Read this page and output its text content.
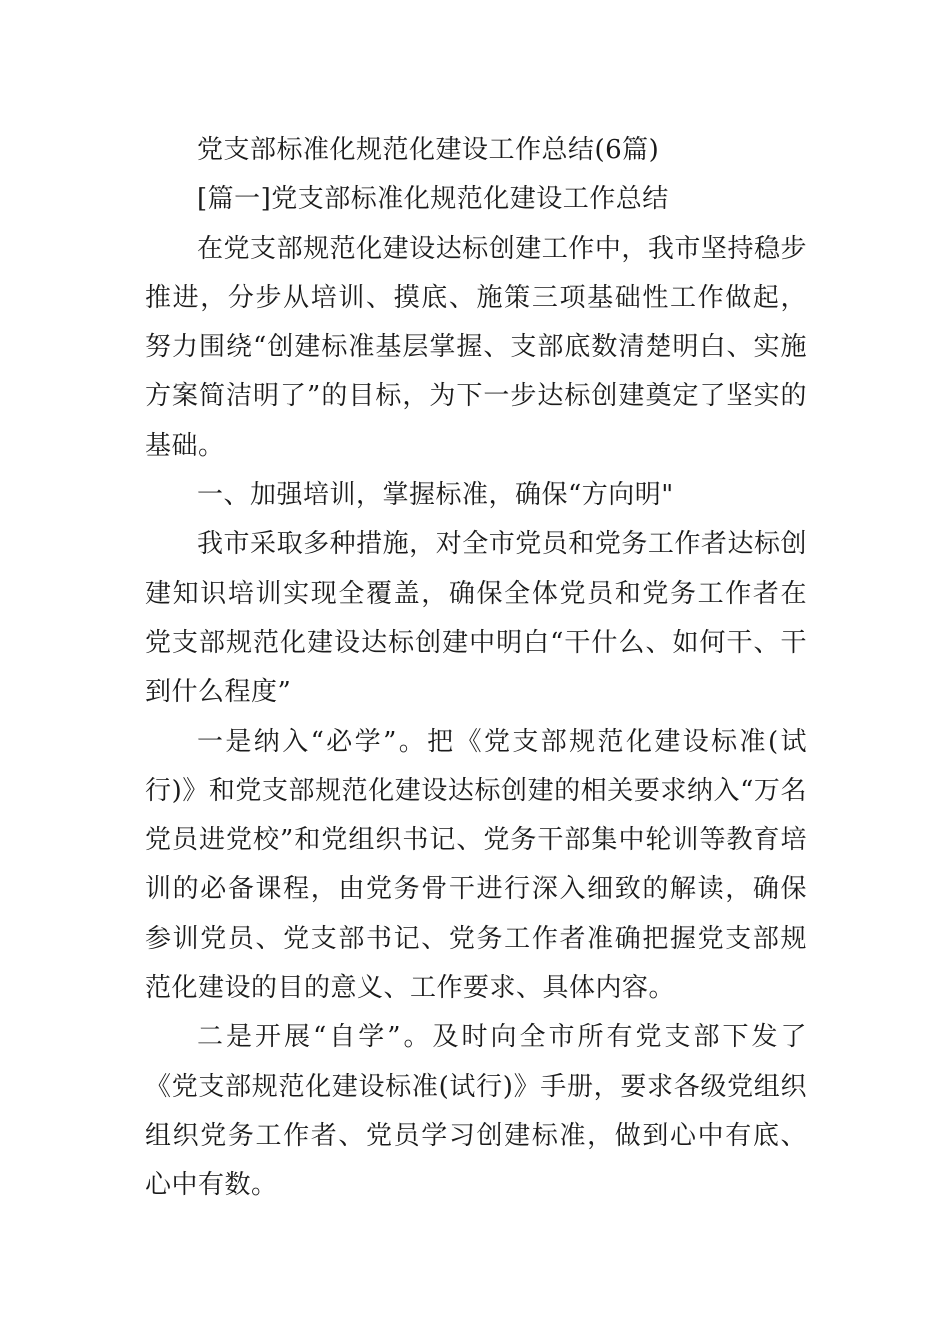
党支部标准化规范化建设工作总结(6篇)

[篇一]党支部标准化规范化建设工作总结

在党支部规范化建设达标创建工作中，我市坚持稳步推进，分步从培训、摸底、施策三项基础性工作做起，努力围绕“创建标准基层掌握、支部底数清楚明白、实施方案简洁明了”的目标，为下一步达标创建奠定了坚实的基础。

一、加强培训，掌握标准，确保“方向明"

我市采取多种措施，对全市党员和党务工作者达标创建知识培训实现全覆盖，确保全体党员和党务工作者在党支部规范化建设达标创建中明白“干什么、如何干、干到什么程度”

一是纳入“必学”。把《党支部规范化建设标准(试行)》和党支部规范化建设达标创建的相关要求纳入“万名党员进党校”和党组织书记、党务干部集中轮训等教育培训的必备课程，由党务骨干进行深入细致的解读，确保参训党员、党支部书记、党务工作者准确把握党支部规范化建设的目的意义、工作要求、具体内容。

二是开展“自学”。及时向全市所有党支部下发了《党支部规范化建设标准(试行)》手册，要求各级党组织组织党务工作者、党员学习创建标准，做到心中有底、心中有数。
